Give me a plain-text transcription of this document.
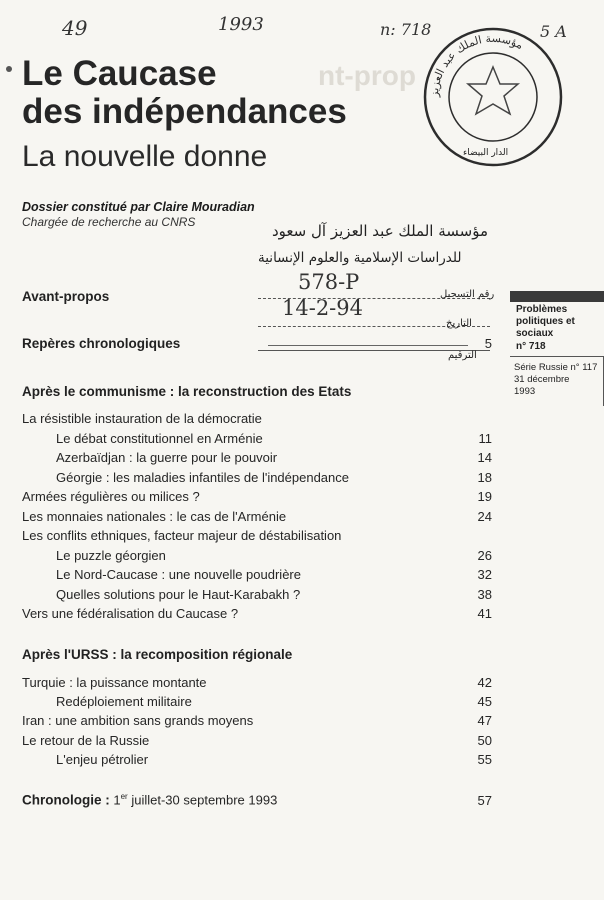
49	1993	n: 718
nt-prop
مؤسسة الملك عبد العزيز
الدار البيضاء
5 A
Le Caucase
des indépendances
La nouvelle donne
Dossier constitué par Claire Mouradian
Chargée de recherche au CNRS	مؤسسة الملك عبد العزيز آل سعود
للدراسات الإسلامية والعلوم الإنسانية
578-P
رقم التسجيل
14-2-94
التاريخ
الترقيم
Problèmes politiques et sociaux
n° 718
Série Russie n° 117
31 décembre 1993
Avant-propos
Repères chronologiques	5
Après le communisme : la reconstruction des Etats
La résistible instauration de la démocratie
Le débat constitutionnel en Arménie	11
Azerbaïdjan : la guerre pour le pouvoir	14
Géorgie : les maladies infantiles de l'indépendance	18
Armées régulières ou milices ?	19
Les monnaies nationales : le cas de l'Arménie	24
Les conflits ethniques, facteur majeur de déstabilisation
Le puzzle géorgien	26
Le Nord-Caucase : une nouvelle poudrière	32
Quelles solutions pour le Haut-Karabakh ?	38
Vers une fédéralisation du Caucase ?	41
Après l'URSS : la recomposition régionale
Turquie : la puissance montante	42
Redéploiement militaire	45
Iran : une ambition sans grands moyens	47
Le retour de la Russie	50
L'enjeu pétrolier	55
Chronologie : 1er juillet-30 septembre 1993	57
